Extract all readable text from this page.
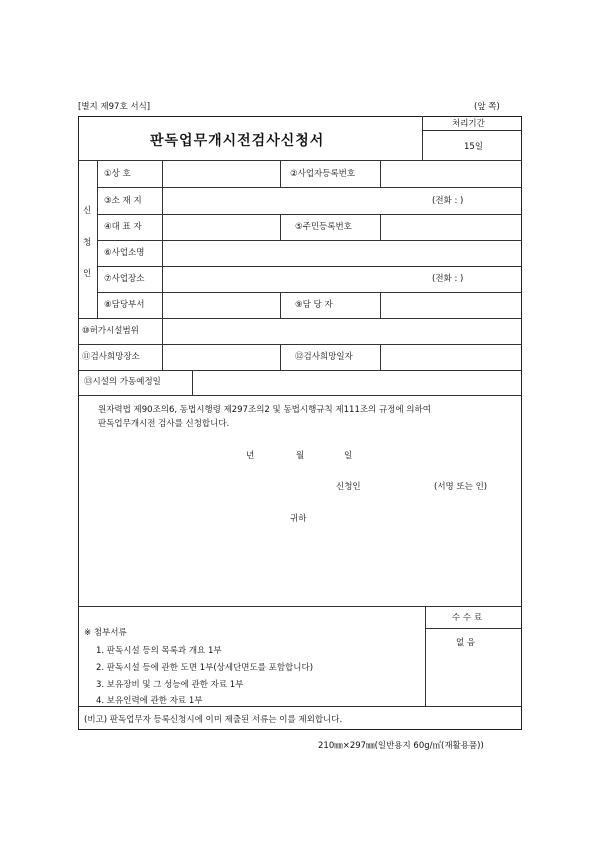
[별지 제97호 서식]	(앞 쪽)
판독업무개시전검사신청서
처리기간
15일
신
청
인
①상 호	②사업자등록번호
③소 재 지	(전화 : )
④대 표 자	⑤주민등록번호
⑥사업소명
⑦사업장소	(전화 : )
⑧담당부서	⑨담 당 자
⑩허가시설범위
⑪검사희망장소	⑫검사희망일자
⑬시설의 가동예정일
원자력법 제90조의6, 동법시행령 제297조의2 및 동법시행규칙 제111조의 규정에 의하여
판독업무개시전 검사를 신청합니다.
년	월	일
신청인	(서명 또는 인)
귀하
수 수 료
없 음
※ 첨부서류
1. 판독시설 등의 목록과 개요 1부
2. 판독시설 등에 관한 도면 1부(상세단면도를 포함합니다)
3. 보유장비 및 그 성능에 관한 자료 1부
4. 보유인력에 관한 자료 1부
(비고) 판독업무자 등록신청시에 이미 제출된 서류는 이를 제외합니다.
210㎜×297㎜(일반용지 60g/㎡(재활용품))
